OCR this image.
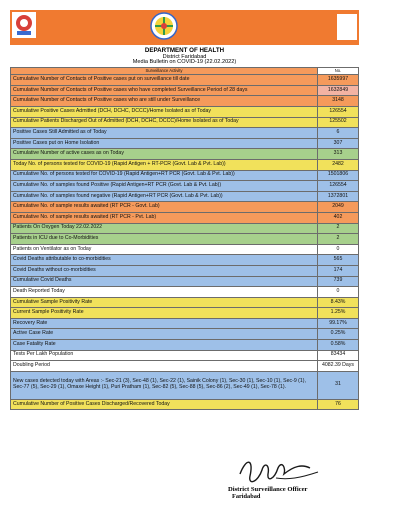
DEPARTMENT OF HEALTH
District Faridabad
Media Bulletin on COVID-19 (22.02.2022)
Surveillance Activity	No.
Cumulative Number of Contacts of Positive cases put on surveillance till date	1635997
Cumulative Number of Contacts of Positive cases who have completed Surveillance Period of 28 days	1632849
Cumulative Number of Contacts of Positive cases who are still under Surveillance	3148
Cumulative Positive Cases Admitted (DCH, DCHC, DCCC)/Home Isolated as of Today	126554
Cumulative Patients Discharged Out of Admitted (DCH, DCHC, DCCC)/Home Isolated as of Today	125502
Positive Cases Still Admitted as of Today	6
Positive Cases put on Home Isolation	307
Cumulative Number of active cases as on Today	313
Today No. of persons tested for COVID-19 (Rapid Antigen + RT-PCR (Govt. Lab & Pvt. Lab))	2482
Cumulative No. of persons tested for COVID-19 (Rapid Antigen+RT PCR (Govt. Lab & Pvt. Lab))	1501806
Cumulative No. of samples found Positive (Rapid Antigen+RT PCR (Govt. Lab & Pvt. Lab))	126554
Cumulative No. of samples found negative (Rapid Antigen+RT PCR (Govt. Lab & Pvt. Lab))	1372801
Cumulative No. of sample results awaited (RT PCR - Govt. Lab)	2049
Cumulative No. of sample results awaited (RT PCR - Pvt. Lab)	402
Patients On Oxygen Today 22.02.2022	2
Patients in ICU due to Co-Morbidities	2
Patients on Ventilator as on Today	0
Covid Deaths attributable to co-morbidities	565
Covid Deaths without co-morbidities	174
Cumulative Covid Deaths	739
Death Reported Today	0
Cumulative Sample Positivity Rate	8.43%
Current Sample Positivity Rate	1.25%
Recovery Rate	99.17%
Active Case Rate	0.25%
Case Fatality Rate	0.58%
Tests Per Lakh Population	83434
Doubling Period	4082.39 Days
New cases detected today with Areas :- Sec-21 (3), Sec-48 (1), Sec-22 (1), Sainik Colony (1), Sec-30 (1), Sec-10 (1), Sec-9 (1), Sec-77 (5), Sec-29 (1), Omaxe Height (1), Puri Pratham (1), Sec-82 (5), Sec-88 (5), Sec-86 (2), Sec-49 (1), Sec-78 (1).	31
Cumulative Number of Positive Cases Discharged/Recovered Today	76
District Surveillance Officer
Faridabad
